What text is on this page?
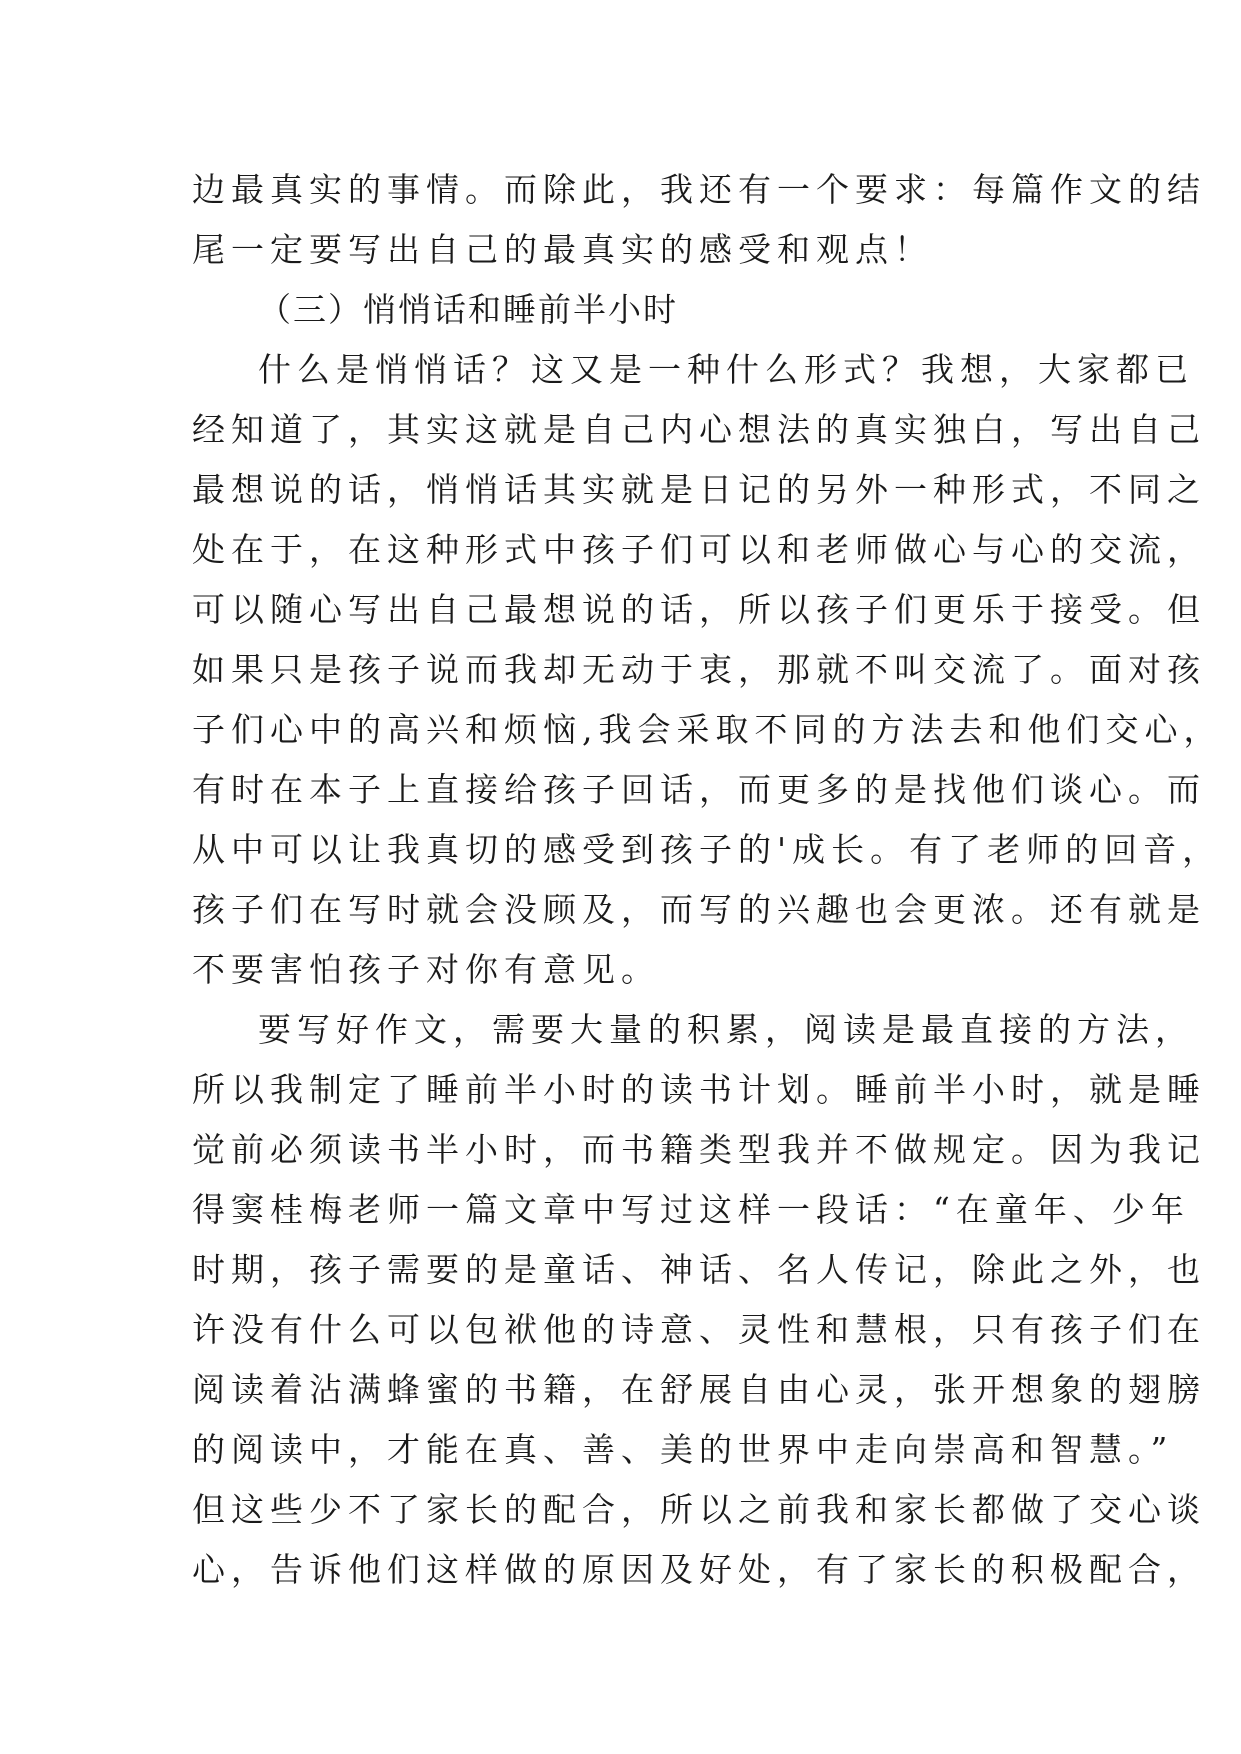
边最真实的事情。而除此，我还有一个要求：每篇作文的结
尾一定要写出自己的最真实的感受和观点！
（三）悄悄话和睡前半小时
什么是悄悄话？这又是一种什么形式？我想，大家都已
经知道了，其实这就是自己内心想法的真实独白，写出自己
最想说的话，悄悄话其实就是日记的另外一种形式，不同之
处在于，在这种形式中孩子们可以和老师做心与心的交流，
可以随心写出自己最想说的话，所以孩子们更乐于接受。但
如果只是孩子说而我却无动于衷，那就不叫交流了。面对孩
子们心中的高兴和烦恼,我会采取不同的方法去和他们交心，
有时在本子上直接给孩子回话，而更多的是找他们谈心。而
从中可以让我真切的感受到孩子的'成长。有了老师的回音，
孩子们在写时就会没顾及，而写的兴趣也会更浓。还有就是
不要害怕孩子对你有意见。
要写好作文，需要大量的积累，阅读是最直接的方法，
所以我制定了睡前半小时的读书计划。睡前半小时，就是睡
觉前必须读书半小时，而书籍类型我并不做规定。因为我记
得窦桂梅老师一篇文章中写过这样一段话：“在童年、少年
时期，孩子需要的是童话、神话、名人传记，除此之外，也
许没有什么可以包袱他的诗意、灵性和慧根，只有孩子们在
阅读着沾满蜂蜜的书籍，在舒展自由心灵，张开想象的翅膀
的阅读中，才能在真、善、美的世界中走向崇高和智慧。”
但这些少不了家长的配合，所以之前我和家长都做了交心谈
心，告诉他们这样做的原因及好处，有了家长的积极配合，
